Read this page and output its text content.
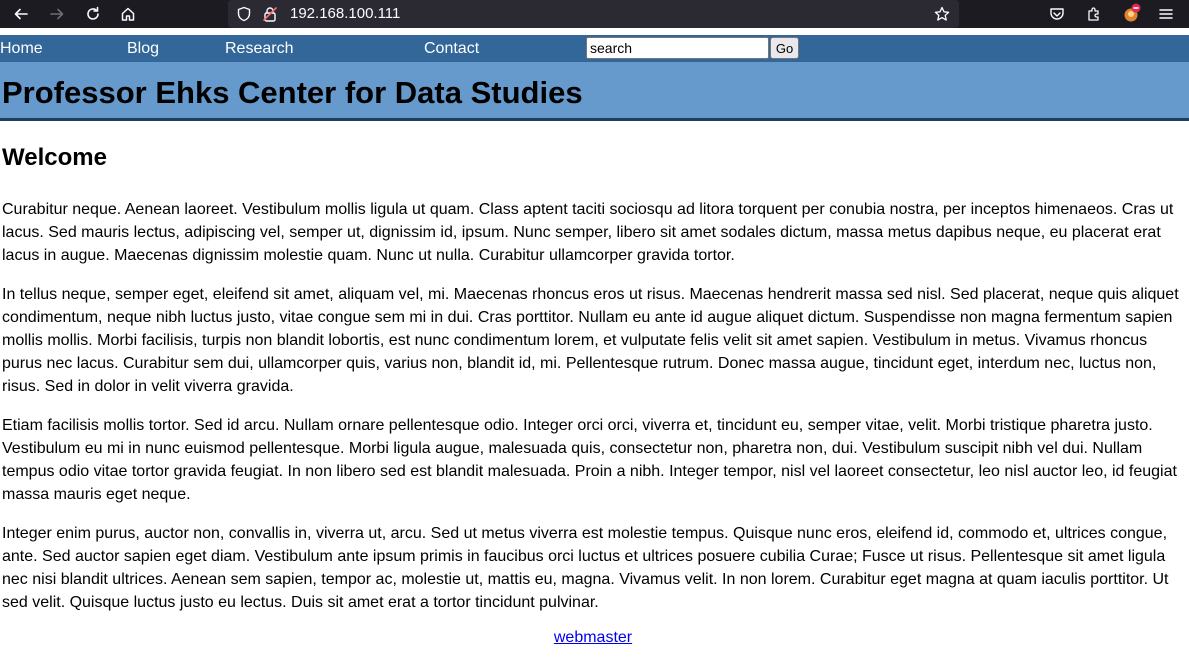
192.168.100.111
Home	Blog	Research	Contact
search	Go
Professor Ehks Center for Data Studies
Welcome

Curabitur neque. Aenean laoreet. Vestibulum mollis ligula ut quam. Class aptent taciti sociosqu ad litora torquent per conubia nostra, per inceptos himenaeos. Cras ut lacus. Sed mauris lectus, adipiscing vel, semper ut, dignissim id, ipsum. Nunc semper, libero sit amet sodales dictum, massa metus dapibus neque, eu placerat erat lacus in augue. Maecenas dignissim molestie quam. Nunc ut nulla. Curabitur ullamcorper gravida tortor.

In tellus neque, semper eget, eleifend sit amet, aliquam vel, mi. Maecenas rhoncus eros ut risus. Maecenas hendrerit massa sed nisl. Sed placerat, neque quis aliquet condimentum, neque nibh luctus justo, vitae congue sem mi in dui. Cras porttitor. Nullam eu ante id augue aliquet dictum. Suspendisse non magna fermentum sapien mollis mollis. Morbi facilisis, turpis non blandit lobortis, est nunc condimentum lorem, et vulputate felis velit sit amet sapien. Vestibulum in metus. Vivamus rhoncus purus nec lacus. Curabitur sem dui, ullamcorper quis, varius non, blandit id, mi. Pellentesque rutrum. Donec massa augue, tincidunt eget, interdum nec, luctus non, risus. Sed in dolor in velit viverra gravida.

Etiam facilisis mollis tortor. Sed id arcu. Nullam ornare pellentesque odio. Integer orci orci, viverra et, tincidunt eu, semper vitae, velit. Morbi tristique pharetra justo. Vestibulum eu mi in nunc euismod pellentesque. Morbi ligula augue, malesuada quis, consectetur non, pharetra non, dui. Vestibulum suscipit nibh vel dui. Nullam tempus odio vitae tortor gravida feugiat. In non libero sed est blandit malesuada. Proin a nibh. Integer tempor, nisl vel laoreet consectetur, leo nisl auctor leo, id feugiat massa mauris eget neque.

Integer enim purus, auctor non, convallis in, viverra ut, arcu. Sed ut metus viverra est molestie tempus. Quisque nunc eros, eleifend id, commodo et, ultrices congue, ante. Sed auctor sapien eget diam. Vestibulum ante ipsum primis in faucibus orci luctus et ultrices posuere cubilia Curae; Fusce ut risus. Pellentesque sit amet ligula nec nisi blandit ultrices. Aenean sem sapien, tempor ac, molestie ut, mattis eu, magna. Vivamus velit. In non lorem. Curabitur eget magna at quam iaculis porttitor. Ut sed velit. Quisque luctus justo eu lectus. Duis sit amet erat a tortor tincidunt pulvinar.

webmaster
